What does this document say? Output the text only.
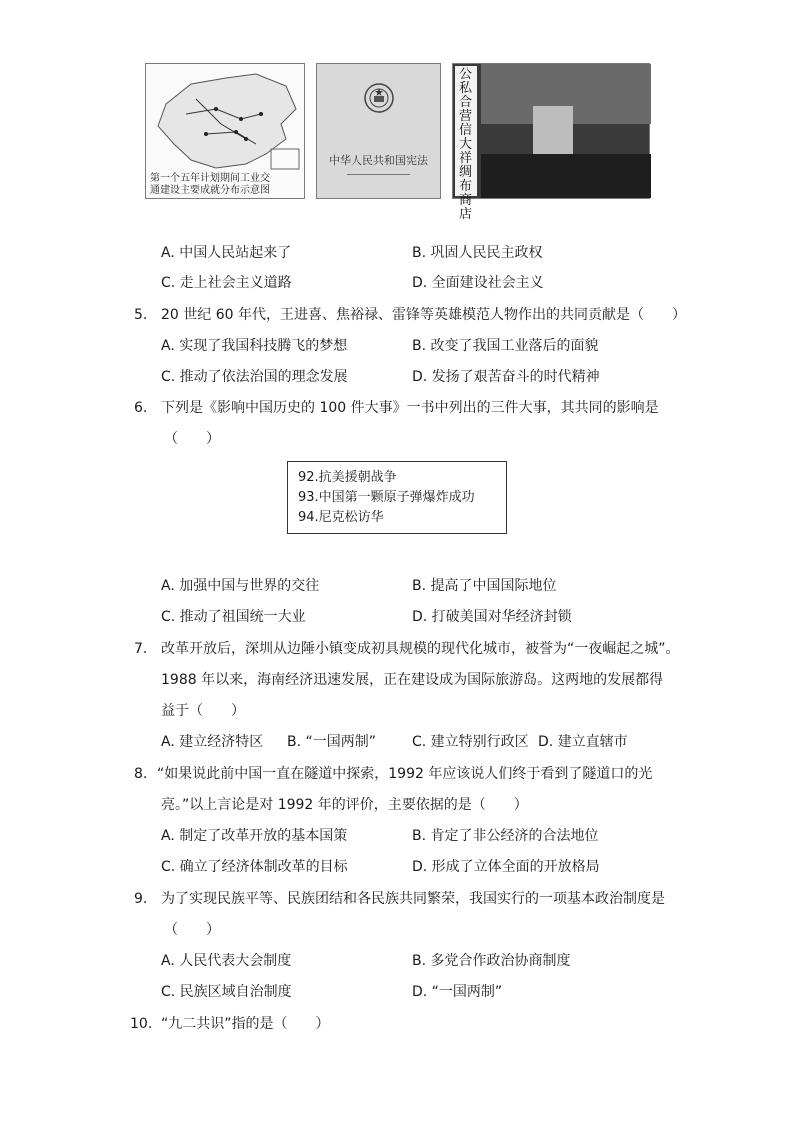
第一个五年计划期间工业交
通建设主要成就分布示意图
中华人民共和国宪法
公私合营信大祥绸布商店
A. 中国人民站起来了	B. 巩固人民民主政权
C. 走上社会主义道路	D. 全面建设社会主义
5. 20 世纪 60 年代，王进喜、焦裕禄、雷锋等英雄模范人物作出的共同贡献是（　　）
A. 实现了我国科技腾飞的梦想	B. 改变了我国工业落后的面貌
C. 推动了依法治国的理念发展	D. 发扬了艰苦奋斗的时代精神
6. 下列是《影响中国历史的 100 件大事》一书中列出的三件大事，其共同的影响是
（　　）
92.抗美援朝战争
93.中国第一颗原子弹爆炸成功
94.尼克松访华
A. 加强中国与世界的交往	B. 提高了中国国际地位
C. 推动了祖国统一大业	D. 打破美国对华经济封锁
7. 改革开放后，深圳从边陲小镇变成初具规模的现代化城市，被誉为“一夜崛起之城”。
1988 年以来，海南经济迅速发展，正在建设成为国际旅游岛。这两地的发展都得
益于（　　）
A. 建立经济特区 B. “一国两制”	C. 建立特别行政区 D. 建立直辖市
8. “如果说此前中国一直在隧道中探索，1992 年应该说人们终于看到了隧道口的光
亮。”以上言论是对 1992 年的评价，主要依据的是（　　）
A. 制定了改革开放的基本国策	B. 肯定了非公经济的合法地位
C. 确立了经济体制改革的目标	D. 形成了立体全面的开放格局
9. 为了实现民族平等、民族团结和各民族共同繁荣，我国实行的一项基本政治制度是
（　　）
A. 人民代表大会制度	B. 多党合作政治协商制度
C. 民族区域自治制度	D. “一国两制”
10. “九二共识”指的是（　　）
